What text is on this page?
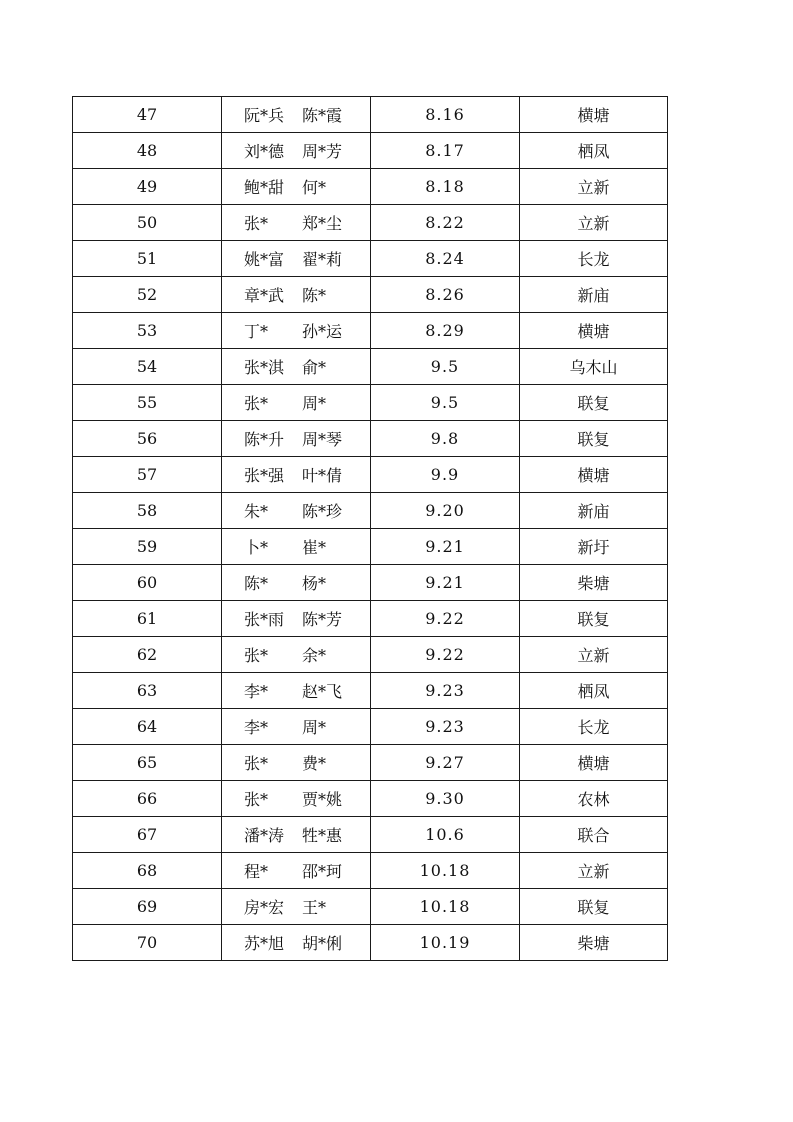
47	阮*兵 陈*霞	8.16	横塘
48	刘*德 周*芳	8.17	栖凤
49	鲍*甜 何*	8.18	立新
50	张* 郑*尘	8.22	立新
51	姚*富 翟*莉	8.24	长龙
52	章*武 陈*	8.26	新庙
53	丁* 孙*运	8.29	横塘
54	张*淇 俞*	9.5	乌木山
55	张* 周*	9.5	联复
56	陈*升 周*琴	9.8	联复
57	张*强 叶*倩	9.9	横塘
58	朱* 陈*珍	9.20	新庙
59	卜* 崔*	9.21	新圩
60	陈* 杨*	9.21	柴塘
61	张*雨 陈*芳	9.22	联复
62	张* 余*	9.22	立新
63	李* 赵*飞	9.23	栖凤
64	李* 周*	9.23	长龙
65	张* 费*	9.27	横塘
66	张* 贾*姚	9.30	农林
67	潘*涛 牲*惠	10.6	联合
68	程* 邵*珂	10.18	立新
69	房*宏 王*	10.18	联复
70	苏*旭 胡*俐	10.19	柴塘
